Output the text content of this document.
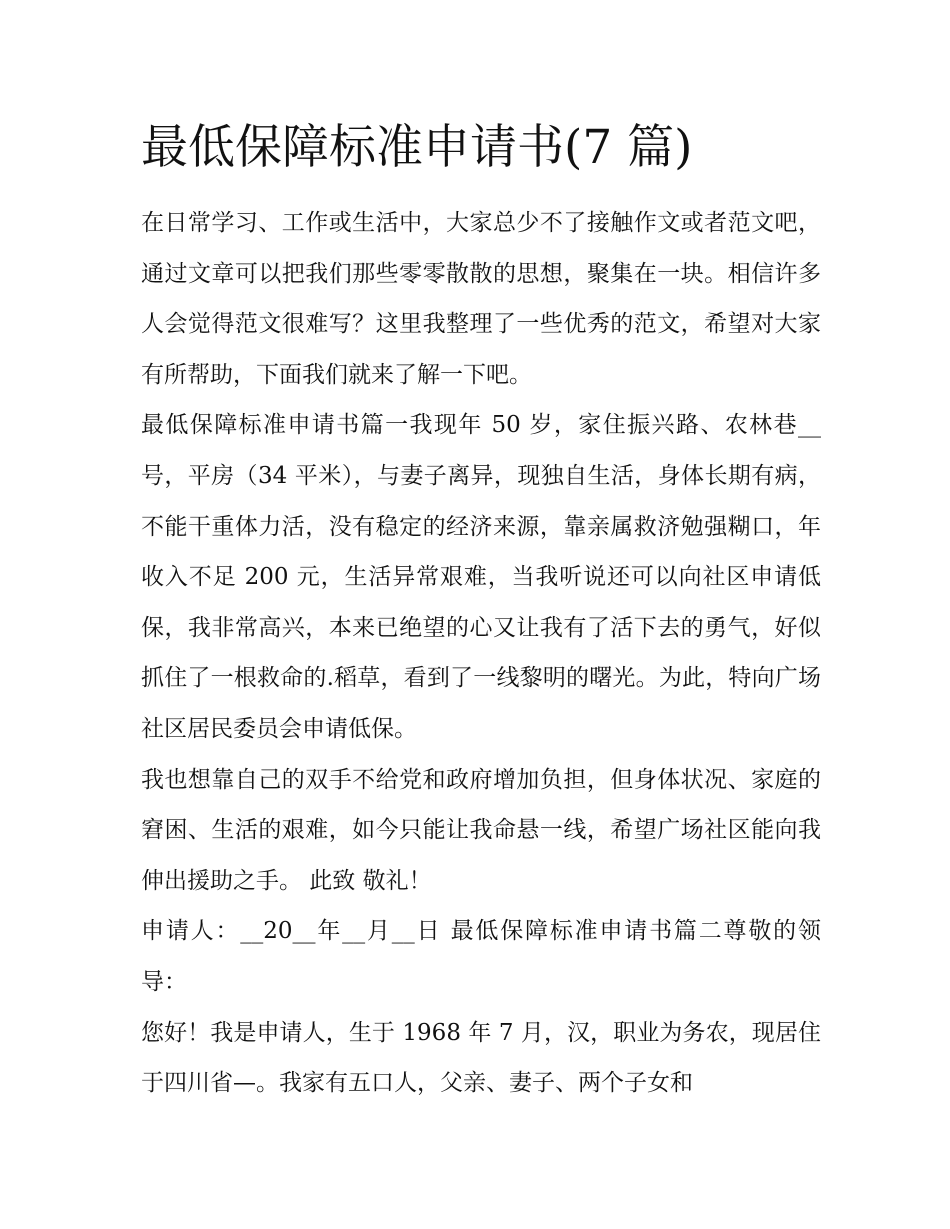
最低保障标准申请书(7 篇)

在日常学习、工作或生活中，大家总少不了接触作文或者范文吧，通过文章可以把我们那些零零散散的思想，聚集在一块。相信许多人会觉得范文很难写？这里我整理了一些优秀的范文，希望对大家有所帮助，下面我们就来了解一下吧。

最低保障标准申请书篇一我现年 50 岁，家住振兴路、农林巷__号，平房（34 平米），与妻子离异，现独自生活，身体长期有病，不能干重体力活，没有稳定的经济来源，靠亲属救济勉强糊口，年收入不足 200 元，生活异常艰难，当我听说还可以向社区申请低保，我非常高兴，本来已绝望的心又让我有了活下去的勇气，好似抓住了一根救命的.稻草，看到了一线黎明的曙光。为此，特向广场社区居民委员会申请低保。

我也想靠自己的双手不给党和政府增加负担，但身体状况、家庭的窘困、生活的艰难，如今只能让我命悬一线，希望广场社区能向我伸出援助之手。 此致 敬礼！

申请人：__20__年__月__日 最低保障标准申请书篇二尊敬的领导：

您好！我是申请人，生于 1968 年 7 月，汉，职业为务农，现居住于四川省—。我家有五口人，父亲、妻子、两个子女和
